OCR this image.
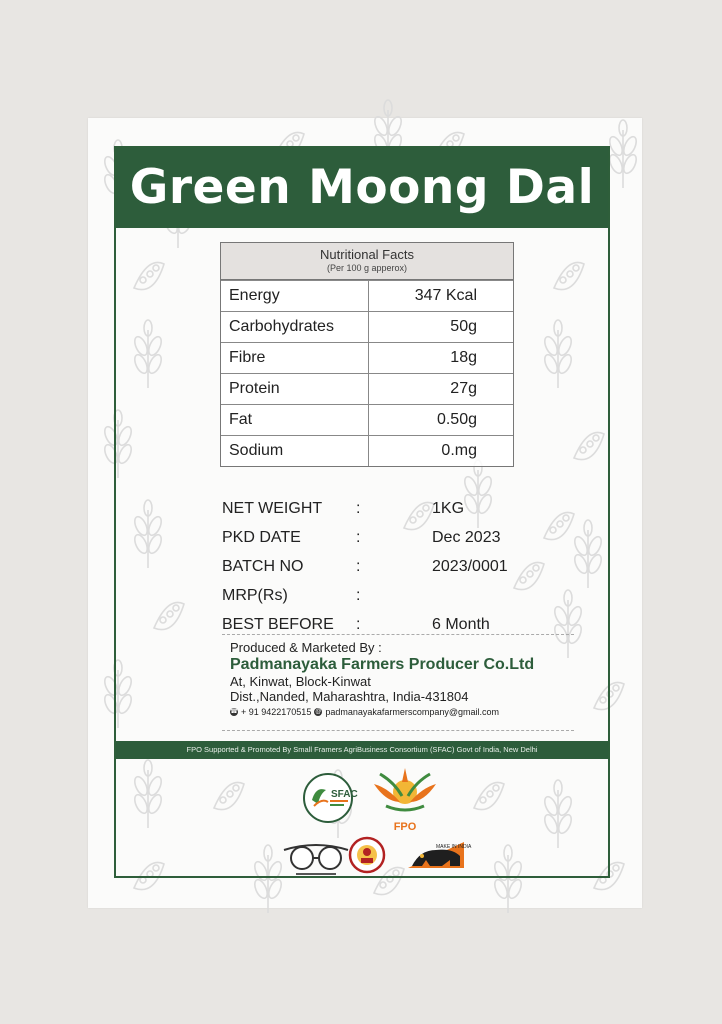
Green Moong Dal
Nutritional Facts
(Per 100 g apperox)
Energy	347 Kcal
Carbohydrates	50g
Fibre	18g
Protein	27g
Fat	0.50g
Sodium	0.mg
NET WEIGHT :	1KG
PKD DATE	:	Dec 2023
BATCH NO	:	2023/0001
MRP(Rs)	:
BEST BEFORE :	6 Month
Produced & Marketed By :
Padmanayaka Farmers Producer Co.Ltd
At, Kinwat, Block-Kinwat
Dist.,Nanded, Maharashtra, India-431804
☎ + 91 9422170515 @ padmanayakafarmerscompany@gmail.com
FPO Supported & Promoted By Small Framers AgriBusiness Consortium (SFAC) Govt of India, New Delhi
SFAC
FPO
MAKE IN INDIA
